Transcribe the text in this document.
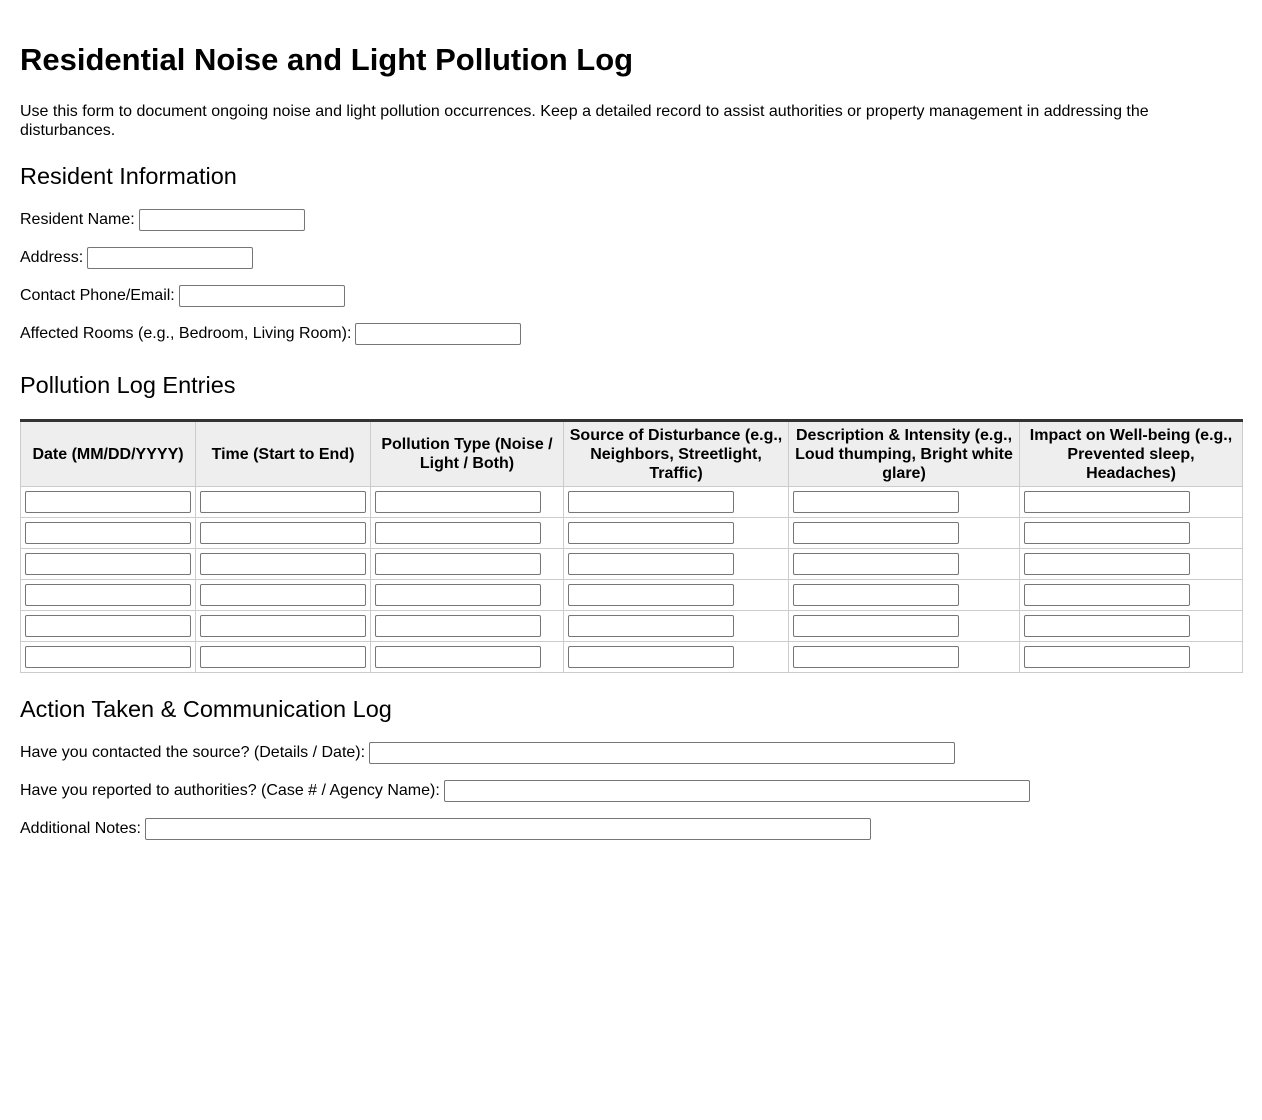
Residential Noise and Light Pollution Log

Use this form to document ongoing noise and light pollution occurrences. Keep a detailed record to assist authorities or property management in addressing the disturbances.

Resident Information
Resident Name:
Address:
Contact Phone/Email:
Affected Rooms (e.g., Bedroom, Living Room):
Pollution Log Entries
Date (MM/DD/YYYY)	Time (Start to End)	Pollution Type (Noise / Light / Both)	Source of Disturbance (e.g., Neighbors, Streetlight, Traffic)	Description & Intensity (e.g., Loud thumping, Bright white glare)	Impact on Well-being (e.g., Prevented sleep, Headaches)

Action Taken & Communication Log
Have you contacted the source? (Details / Date):
Have you reported to authorities? (Case # / Agency Name):
Additional Notes:
